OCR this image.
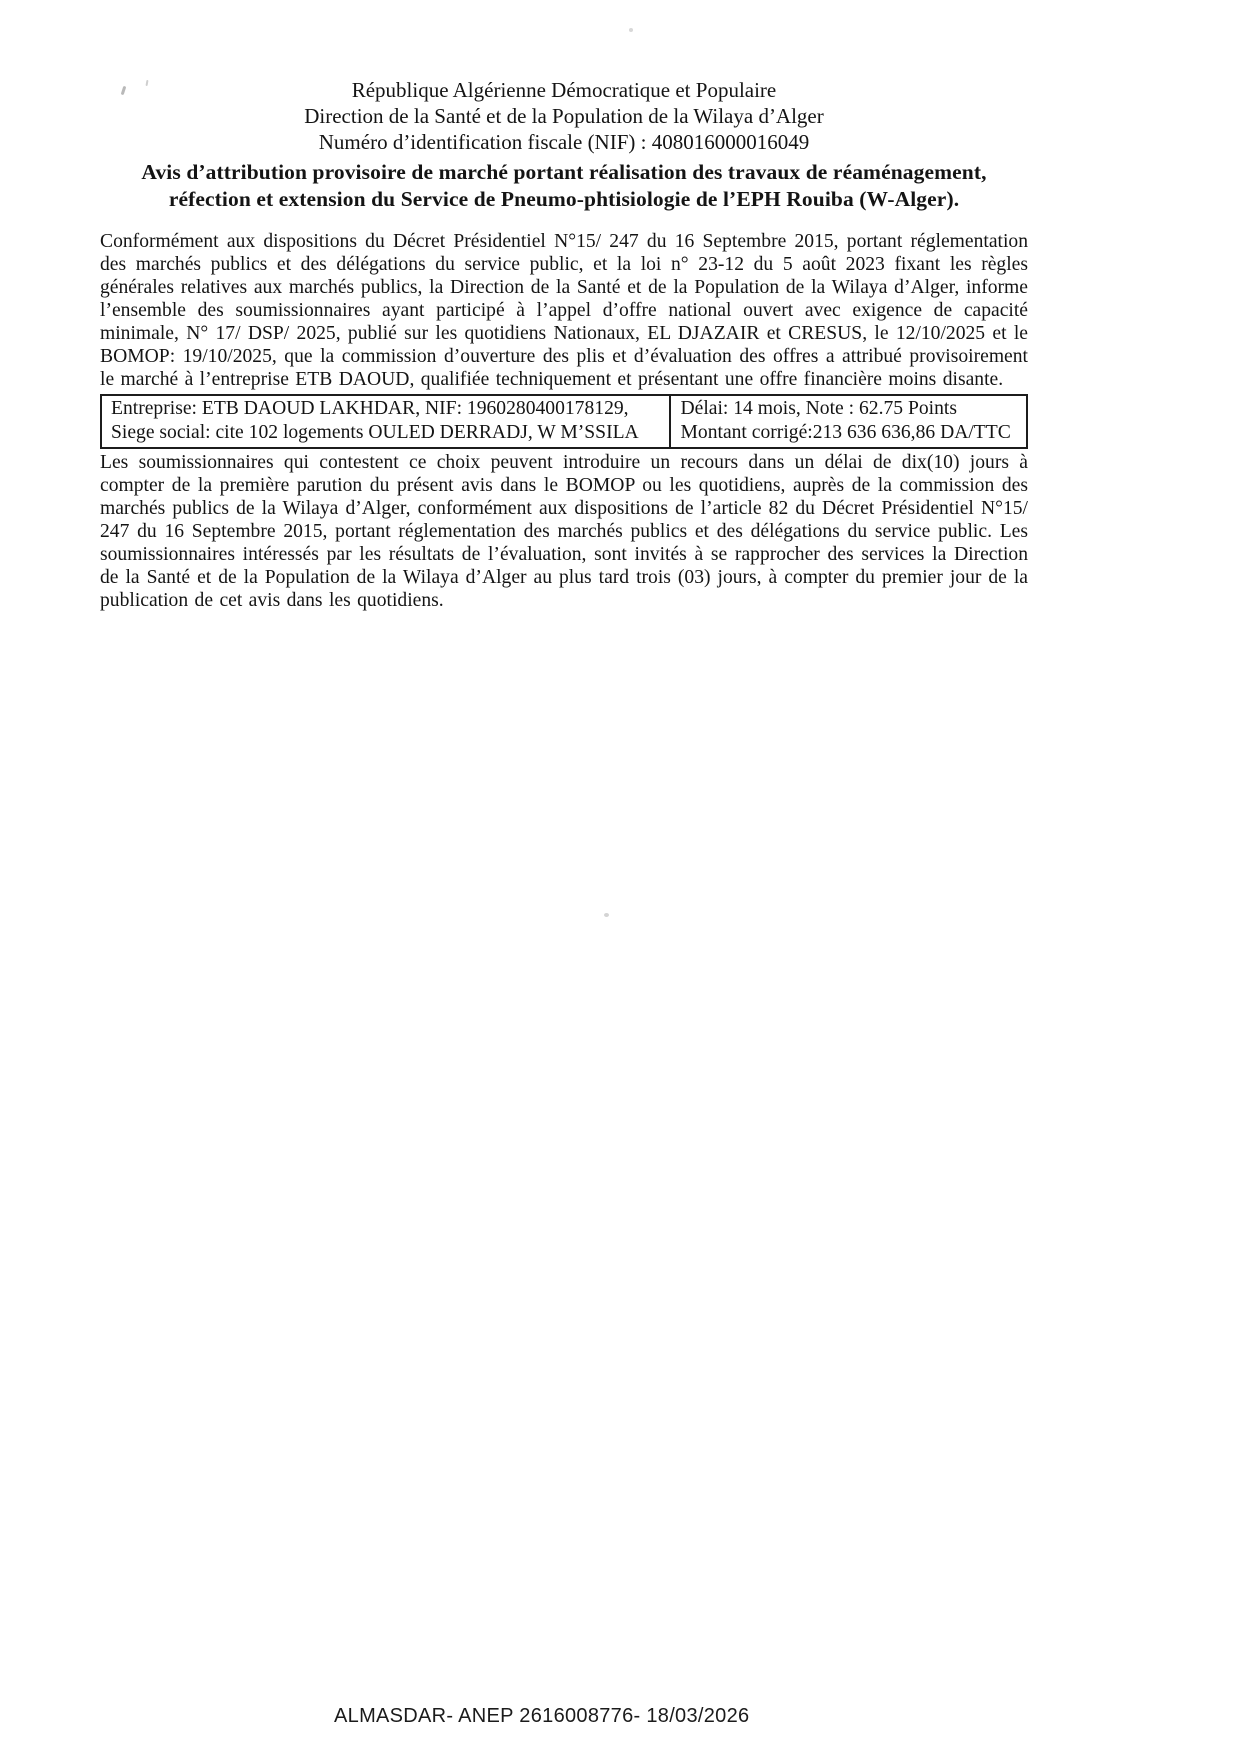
République Algérienne Démocratique et Populaire
Direction de la Santé et de la Population de la Wilaya d’Alger
Numéro d’identification fiscale (NIF) : 408016000016049
Avis d’attribution provisoire de marché portant réalisation des travaux de réaménagement, réfection et extension du Service de Pneumo-phtisiologie de l’EPH Rouiba (W-Alger).

Conformément aux dispositions du Décret Présidentiel N°15/ 247 du 16 Septembre 2015, portant réglementation des marchés publics et des délégations du service public, et la loi n° 23-12 du 5 août 2023 fixant les règles générales relatives aux marchés publics, la Direction de la Santé et de la Population de la Wilaya d’Alger, informe l’ensemble des soumissionnaires ayant participé à l’appel d’offre national ouvert avec exigence de capacité minimale, N° 17/ DSP/ 2025, publié sur les quotidiens Nationaux, EL DJAZAIR et CRESUS, le 12/10/2025 et le BOMOP: 19/10/2025, que la commission d’ouverture des plis et d’évaluation des offres a attribué provisoirement le marché à l’entreprise ETB DAOUD, qualifiée techniquement et présentant une offre financière moins disante.

Entreprise: ETB DAOUD LAKHDAR, NIF: 1960280400178129,
Siege social: cite 102 logements OULED DERRADJ, W M’SSILA

Délai: 14 mois, Note : 62.75 Points
Montant corrigé:213 636 636,86 DA/TTC

Les soumissionnaires qui contestent ce choix peuvent introduire un recours dans un délai de dix(10) jours à compter de la première parution du présent avis dans le BOMOP ou les quotidiens, auprès de la commission des marchés publics de la Wilaya d’Alger, conformément aux dispositions de l’article 82 du Décret Présidentiel N°15/ 247 du 16 Septembre 2015, portant réglementation des marchés publics et des délégations du service public. Les soumissionnaires intéressés par les résultats de l’évaluation, sont invités à se rapprocher des services la Direction de la Santé et de la Population de la Wilaya d’Alger au plus tard trois (03) jours, à compter du premier jour de la publication de cet avis dans les quotidiens.

ALMASDAR- ANEP 2616008776- 18/03/2026
